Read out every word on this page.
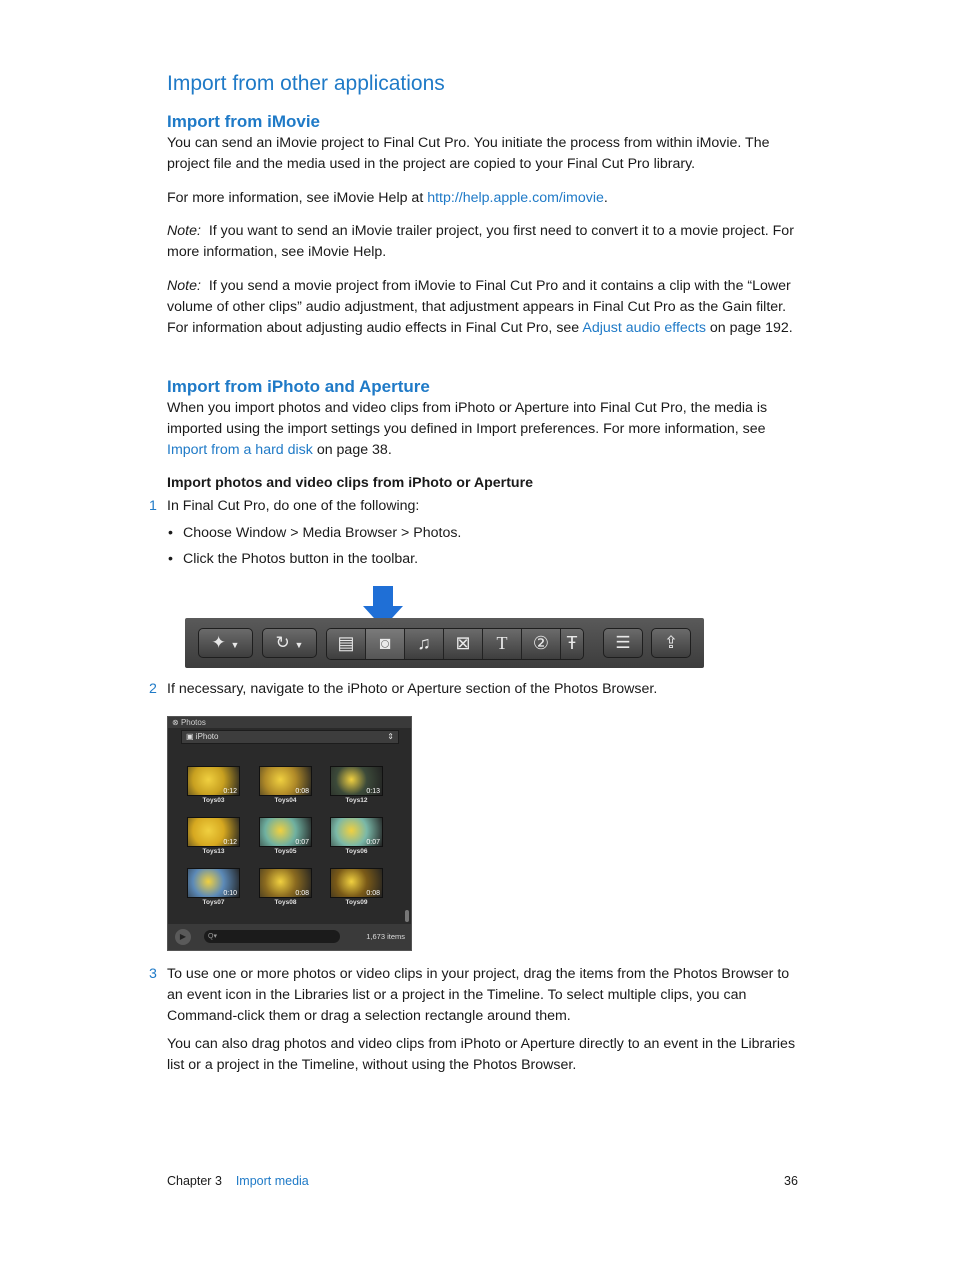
Import from other applications
Import from iMovie
You can send an iMovie project to Final Cut Pro. You initiate the process from within iMovie. The project file and the media used in the project are copied to your Final Cut Pro library.
For more information, see iMovie Help at http://help.apple.com/imovie.
Note: If you want to send an iMovie trailer project, you first need to convert it to a movie project. For more information, see iMovie Help.
Note: If you send a movie project from iMovie to Final Cut Pro and it contains a clip with the “Lower volume of other clips” audio adjustment, that adjustment appears in Final Cut Pro as the Gain filter. For information about adjusting audio effects in Final Cut Pro, see Adjust audio effects on page 192.
Import from iPhoto and Aperture
When you import photos and video clips from iPhoto or Aperture into Final Cut Pro, the media is imported using the import settings you defined in Import preferences. For more information, see Import from a hard disk on page 38.
Import photos and video clips from iPhoto or Aperture
1 In Final Cut Pro, do one of the following:
• Choose Window > Media Browser > Photos.
• Click the Photos button in the toolbar.
✦ ▼	↻ ▼	▤	◙	♫	⊠	T	② Ŧ	☰	⇪
2 If necessary, navigate to the iPhoto or Aperture section of the Photos Browser.
⊗ Photos
▣ iPhoto	⇕
0:12
Toys03
0:08
Toys04
0:13
Toys12
0:12
Toys13
0:07
Toys05
0:07
Toys06
0:10
Toys07
0:08
Toys08
0:08
Toys09
▶	Q▾	1,673 items
3 To use one or more photos or video clips in your project, drag the items from the Photos Browser to an event icon in the Libraries list or a project in the Timeline. To select multiple clips, you can Command-click them or drag a selection rectangle around them.
You can also drag photos and video clips from iPhoto or Aperture directly to an event in the Libraries list or a project in the Timeline, without using the Photos Browser.
Chapter 3 Import media	36
